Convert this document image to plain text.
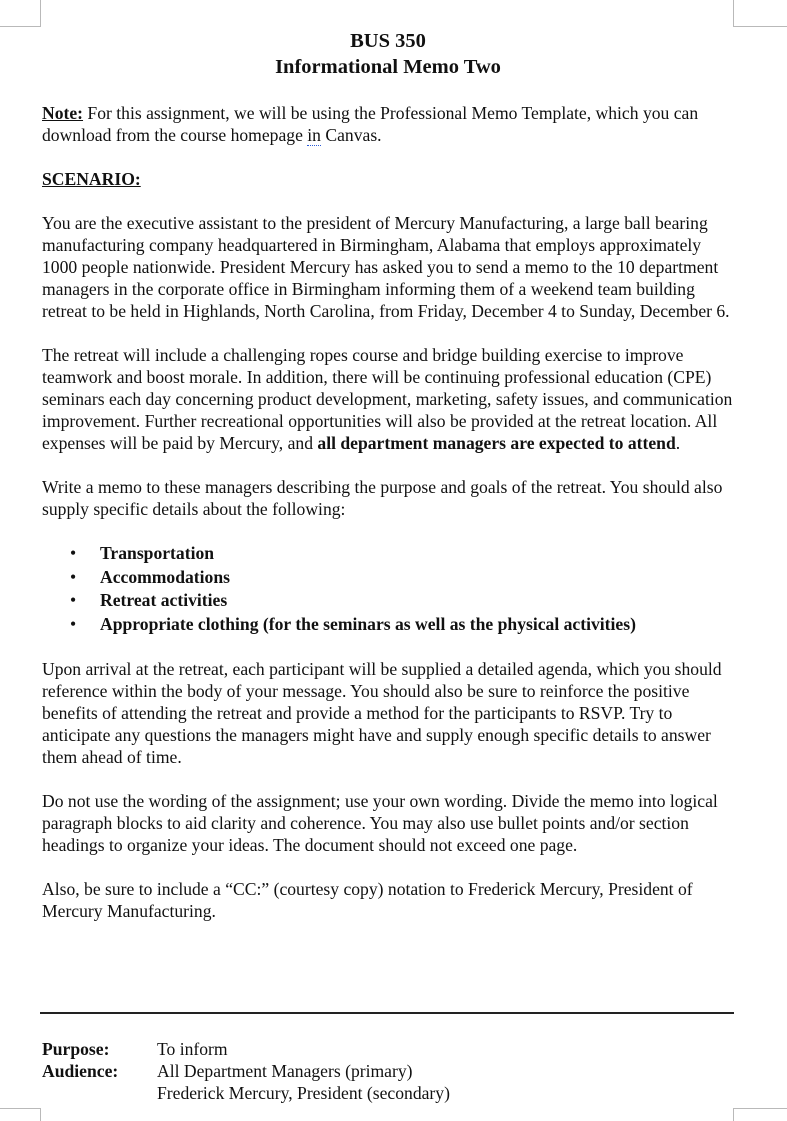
BUS 350
Informational Memo Two

Note: For this assignment, we will be using the Professional Memo Template, which you can download from the course homepage in Canvas.

SCENARIO:

You are the executive assistant to the president of Mercury Manufacturing, a large ball bearing manufacturing company headquartered in Birmingham, Alabama that employs approximately 1000 people nationwide. President Mercury has asked you to send a memo to the 10 department managers in the corporate office in Birmingham informing them of a weekend team building retreat to be held in Highlands, North Carolina, from Friday, December 4 to Sunday, December 6.

The retreat will include a challenging ropes course and bridge building exercise to improve teamwork and boost morale. In addition, there will be continuing professional education (CPE) seminars each day concerning product development, marketing, safety issues, and communication improvement. Further recreational opportunities will also be provided at the retreat location. All expenses will be paid by Mercury, and all department managers are expected to attend.

Write a memo to these managers describing the purpose and goals of the retreat. You should also supply specific details about the following:

• Transportation
• Accommodations
• Retreat activities
• Appropriate clothing (for the seminars as well as the physical activities)

Upon arrival at the retreat, each participant will be supplied a detailed agenda, which you should reference within the body of your message. You should also be sure to reinforce the positive benefits of attending the retreat and provide a method for the participants to RSVP. Try to anticipate any questions the managers might have and supply enough specific details to answer them ahead of time.

Do not use the wording of the assignment; use your own wording. Divide the memo into logical paragraph blocks to aid clarity and coherence. You may also use bullet points and/or section headings to organize your ideas. The document should not exceed one page.

Also, be sure to include a “CC:” (courtesy copy) notation to Frederick Mercury, President of Mercury Manufacturing.

Purpose:	To inform
Audience:	All Department Managers (primary)
Frederick Mercury, President (secondary)
